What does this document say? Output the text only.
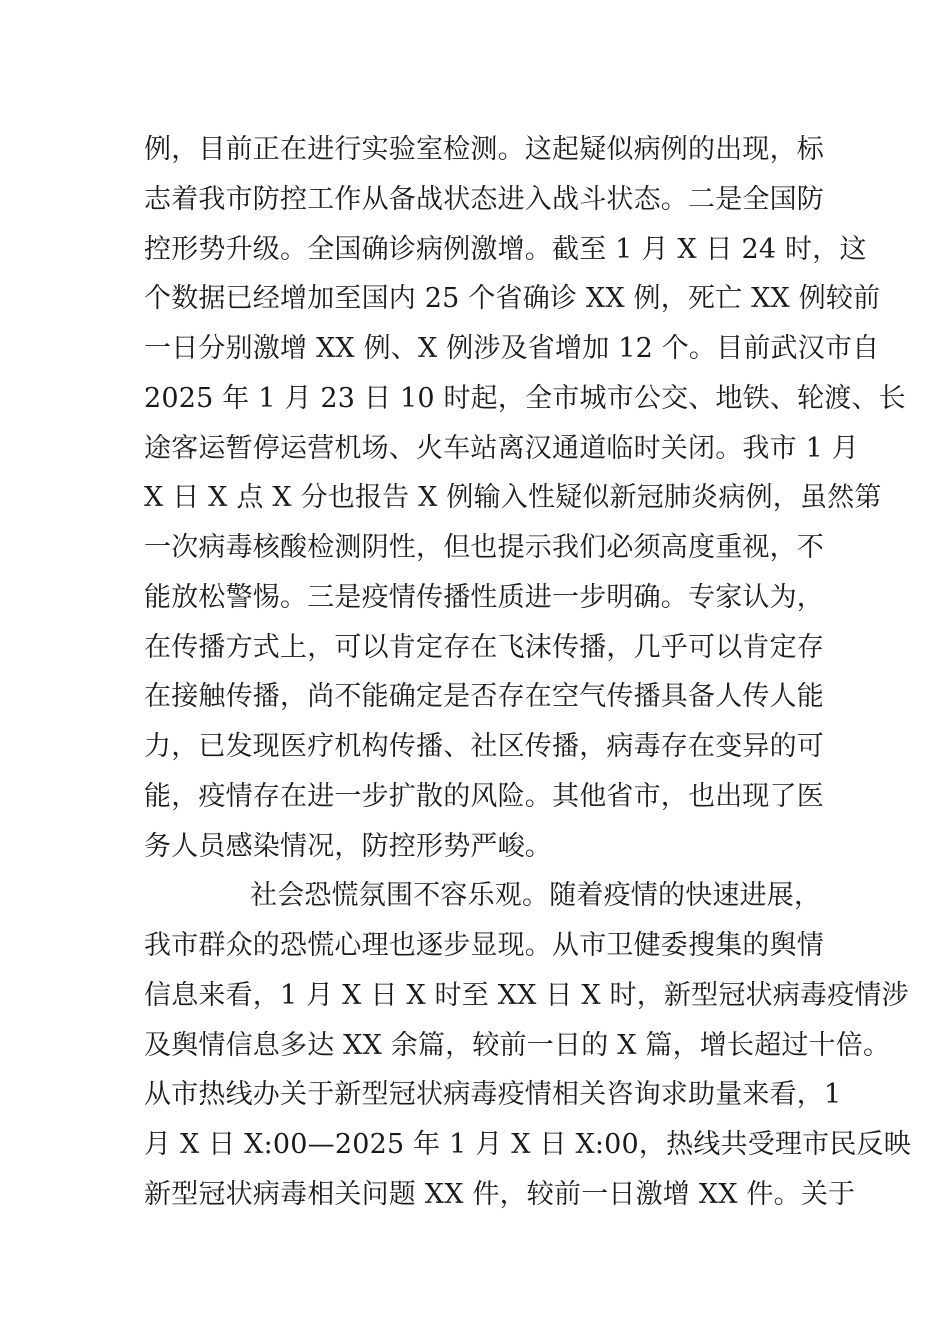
例，目前正在进行实验室检测。这起疑似病例的出现，标
志着我市防控工作从备战状态进入战斗状态。二是全国防
控形势升级。全国确诊病例激增。截至 1 月 X 日 24 时，这
个数据已经增加至国内 25 个省确诊 XX 例，死亡 XX 例较前
一日分别激增 XX 例、X 例涉及省增加 12 个。目前武汉市自
2025 年 1 月 23 日 10 时起，全市城市公交、地铁、轮渡、长
途客运暂停运营机场、火车站离汉通道临时关闭。我市 1 月
X 日 X 点 X 分也报告 X 例输入性疑似新冠肺炎病例，虽然第
一次病毒核酸检测阴性，但也提示我们必须高度重视，不
能放松警惕。三是疫情传播性质进一步明确。专家认为，
在传播方式上，可以肯定存在飞沫传播，几乎可以肯定存
在接触传播，尚不能确定是否存在空气传播具备人传人能
力，已发现医疗机构传播、社区传播，病毒存在变异的可
能，疫情存在进一步扩散的风险。其他省市，也出现了医
务人员感染情况，防控形势严峻。
社会恐慌氛围不容乐观。随着疫情的快速进展，
我市群众的恐慌心理也逐步显现。从市卫健委搜集的舆情
信息来看，1 月 X 日 X 时至 XX 日 X 时，新型冠状病毒疫情涉
及舆情信息多达 XX 余篇，较前一日的 X 篇，增长超过十倍。
从市热线办关于新型冠状病毒疫情相关咨询求助量来看，1
月 X 日 X:00—2025 年 1 月 X 日 X:00，热线共受理市民反映
新型冠状病毒相关问题 XX 件，较前一日激增 XX 件。关于
